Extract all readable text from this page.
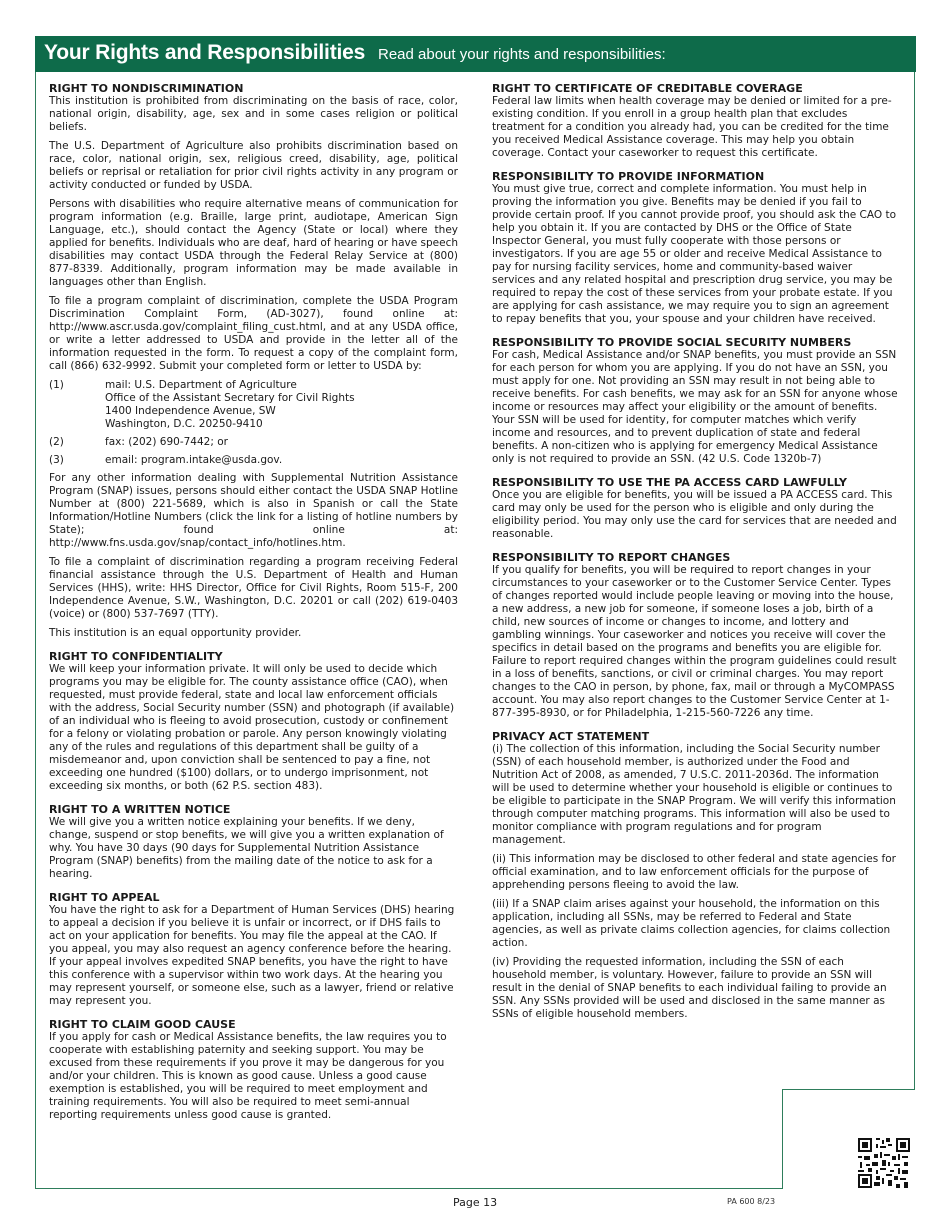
Your Rights and Responsibilities Read about your rights and responsibilities:
RIGHT TO NONDISCRIMINATION

This institution is prohibited from discriminating on the basis of race, color, national origin, disability, age, sex and in some cases religion or political beliefs.

The U.S. Department of Agriculture also prohibits discrimination based on race, color, national origin, sex, religious creed, disability, age, political beliefs or reprisal or retaliation for prior civil rights activity in any program or activity conducted or funded by USDA.

Persons with disabilities who require alternative means of communication for program information (e.g. Braille, large print, audiotape, American Sign Language, etc.), should contact the Agency (State or local) where they applied for benefits. Individuals who are deaf, hard of hearing or have speech disabilities may contact USDA through the Federal Relay Service at (800) 877-8339. Additionally, program information may be made available in languages other than English.

To file a program complaint of discrimination, complete the USDA Program Discrimination Complaint Form, (AD-3027), found online at: http://www.ascr.usda.gov/complaint_filing_cust.html, and at any USDA office, or write a letter addressed to USDA and provide in the letter all of the information requested in the form. To request a copy of the complaint form, call (866) 632-9992. Submit your completed form or letter to USDA by:

(1)	mail: U.S. Department of Agriculture
Office of the Assistant Secretary for Civil Rights
1400 Independence Avenue, SW
Washington, D.C. 20250-9410
(2)	fax: (202) 690-7442; or
(3)	email: program.intake@usda.gov.

For any other information dealing with Supplemental Nutrition Assistance Program (SNAP) issues, persons should either contact the USDA SNAP Hotline Number at (800) 221-5689, which is also in Spanish or call the State Information/Hotline Numbers (click the link for a listing of hotline numbers by State); found online at: http://www.fns.usda.gov/snap/contact_info/hotlines.htm.

To file a complaint of discrimination regarding a program receiving Federal financial assistance through the U.S. Department of Health and Human Services (HHS), write: HHS Director, Office for Civil Rights, Room 515-F, 200 Independence Avenue, S.W., Washington, D.C. 20201 or call (202) 619-0403 (voice) or (800) 537-7697 (TTY).

This institution is an equal opportunity provider.

RIGHT TO CONFIDENTIALITY

We will keep your information private. It will only be used to decide which programs you may be eligible for. The county assistance office (CAO), when requested, must provide federal, state and local law enforcement officials with the address, Social Security number (SSN) and photograph (if available) of an individual who is fleeing to avoid prosecution, custody or confinement for a felony or violating probation or parole. Any person knowingly violating any of the rules and regulations of this department shall be guilty of a misdemeanor and, upon conviction shall be sentenced to pay a fine, not exceeding one hundred ($100) dollars, or to undergo imprisonment, not exceeding six months, or both (62 P.S. section 483).

RIGHT TO A WRITTEN NOTICE

We will give you a written notice explaining your benefits. If we deny, change, suspend or stop benefits, we will give you a written explanation of why. You have 30 days (90 days for Supplemental Nutrition Assistance Program (SNAP) benefits) from the mailing date of the notice to ask for a hearing.

RIGHT TO APPEAL

You have the right to ask for a Department of Human Services (DHS) hearing to appeal a decision if you believe it is unfair or incorrect, or if DHS fails to act on your application for benefits. You may file the appeal at the CAO. If you appeal, you may also request an agency conference before the hearing. If your appeal involves expedited SNAP benefits, you have the right to have this conference with a supervisor within two work days. At the hearing you may represent yourself, or someone else, such as a lawyer, friend or relative may represent you.

RIGHT TO CLAIM GOOD CAUSE

If you apply for cash or Medical Assistance benefits, the law requires you to cooperate with establishing paternity and seeking support. You may be excused from these requirements if you prove it may be dangerous for you and/or your children. This is known as good cause. Unless a good cause exemption is established, you will be required to meet employment and training requirements. You will also be required to meet semi-annual reporting requirements unless good cause is granted.

RIGHT TO CERTIFICATE OF CREDITABLE COVERAGE

Federal law limits when health coverage may be denied or limited for a pre-existing condition. If you enroll in a group health plan that excludes treatment for a condition you already had, you can be credited for the time you received Medical Assistance coverage. This may help you obtain coverage. Contact your caseworker to request this certificate.

RESPONSIBILITY TO PROVIDE INFORMATION

You must give true, correct and complete information. You must help in proving the information you give. Benefits may be denied if you fail to provide certain proof. If you cannot provide proof, you should ask the CAO to help you obtain it. If you are contacted by DHS or the Office of State Inspector General, you must fully cooperate with those persons or investigators. If you are age 55 or older and receive Medical Assistance to pay for nursing facility services, home and community-based waiver services and any related hospital and prescription drug service, you may be required to repay the cost of these services from your probate estate. If you are applying for cash assistance, we may require you to sign an agreement to repay benefits that you, your spouse and your children have received.

RESPONSIBILITY TO PROVIDE SOCIAL SECURITY NUMBERS

For cash, Medical Assistance and/or SNAP benefits, you must provide an SSN for each person for whom you are applying. If you do not have an SSN, you must apply for one. Not providing an SSN may result in not being able to receive benefits. For cash benefits, we may ask for an SSN for anyone whose income or resources may affect your eligibility or the amount of benefits. Your SSN will be used for identity, for computer matches which verify income and resources, and to prevent duplication of state and federal benefits. A non-citizen who is applying for emergency Medical Assistance only is not required to provide an SSN. (42 U.S. Code 1320b-7)

RESPONSIBILITY TO USE THE PA ACCESS CARD LAWFULLY

Once you are eligible for benefits, you will be issued a PA ACCESS card. This card may only be used for the person who is eligible and only during the eligibility period. You may only use the card for services that are needed and reasonable.

RESPONSIBILITY TO REPORT CHANGES

If you qualify for benefits, you will be required to report changes in your circumstances to your caseworker or to the Customer Service Center. Types of changes reported would include people leaving or moving into the house, a new address, a new job for someone, if someone loses a job, birth of a child, new sources of income or changes to income, and lottery and gambling winnings. Your caseworker and notices you receive will cover the specifics in detail based on the programs and benefits you are eligible for. Failure to report required changes within the program guidelines could result in a loss of benefits, sanctions, or civil or criminal charges. You may report changes to the CAO in person, by phone, fax, mail or through a MyCOMPASS account. You may also report changes to the Customer Service Center at 1-877-395-8930, or for Philadelphia, 1-215-560-7226 any time.

PRIVACY ACT STATEMENT

(i) The collection of this information, including the Social Security number (SSN) of each household member, is authorized under the Food and Nutrition Act of 2008, as amended, 7 U.S.C. 2011-2036d. The information will be used to determine whether your household is eligible or continues to be eligible to participate in the SNAP Program. We will verify this information through computer matching programs. This information will also be used to monitor compliance with program regulations and for program management.

(ii) This information may be disclosed to other federal and state agencies for official examination, and to law enforcement officials for the purpose of apprehending persons fleeing to avoid the law.

(iii) If a SNAP claim arises against your household, the information on this application, including all SSNs, may be referred to Federal and State agencies, as well as private claims collection agencies, for claims collection action.

(iv) Providing the requested information, including the SSN of each household member, is voluntary. However, failure to provide an SSN will result in the denial of SNAP benefits to each individual failing to provide an SSN. Any SSNs provided will be used and disclosed in the same manner as SSNs of eligible household members.

Page 13	PA 600 8/23
